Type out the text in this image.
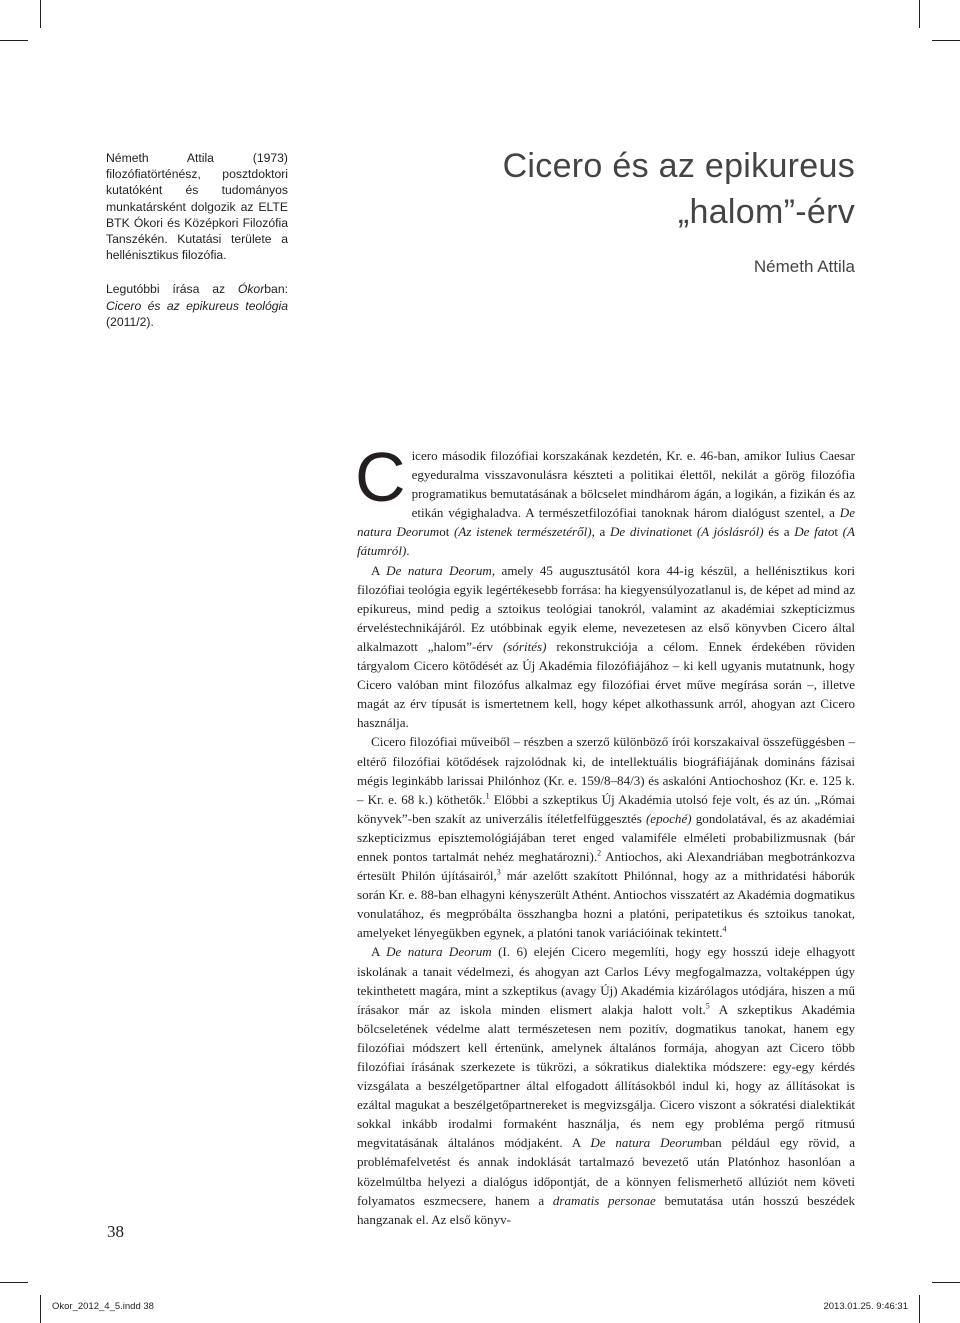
Németh Attila (1973) filozófiatörténész, posztdoktori kutatóként és tudományos munkatársként dolgozik az ELTE BTK Ókori és Középkori Filozófia Tanszékén. Kutatási területe a hellénisztikus filozófia.

Legutóbbi írása az Ókorban: Cicero és az epikureus teológia (2011/2).

Cicero és az epikureus
„halom”-érv
Németh Attila

Cicero második filozófiai korszakának kezdetén, Kr. e. 46-ban, amikor Iulius Caesar egyeduralma visszavonulásra készteti a politikai élettől, nekilát a görög filozófia programatikus bemutatásának a bölcselet mindhárom ágán, a logikán, a fizikán és az etikán végighaladva. A természetfilozófiai tanoknak három dialógust szentel, a De natura Deorumot (Az istenek természetéről), a De divinationet (A jóslásról) és a De fatot (A fátumról).

A De natura Deorum, amely 45 augusztusától kora 44-ig készül, a hellénisztikus kori filozófiai teológia egyik legértékesebb forrása: ha kiegyensúlyozatlanul is, de képet ad mind az epikureus, mind pedig a sztoikus teológiai tanokról, valamint az akadémiai szkepticizmus érveléstechnikájáról. Ez utóbbinak egyik eleme, nevezetesen az első könyvben Cicero által alkalmazott „halom”-érv (sórités) rekonstrukciója a célom. Ennek érdekében röviden tárgyalom Cicero kötődését az Új Akadémia filozófiájához – ki kell ugyanis mutatnunk, hogy Cicero valóban mint filozófus alkalmaz egy filozófiai érvet műve megírása során –, illetve magát az érv típusát is ismertetnem kell, hogy képet alkothassunk arról, ahogyan azt Cicero használja.

Cicero filozófiai műveiből – részben a szerző különböző írói korszakaival összefüggésben – eltérő filozófiai kötődések rajzolódnak ki, de intellektuális biográfiájának domináns fázisai mégis leginkább larissai Philónhoz (Kr. e. 159/8–84/3) és askalóni Antiochoshoz (Kr. e. 125 k. – Kr. e. 68 k.) köthetők.$^1$ Előbbi a szkeptikus Új Akadémia utolsó feje volt, és az ún. „Római könyvek”-ben szakít az univerzális ítéletfelfüggesztés (epoché) gondolatával, és az akadémiai szkepticizmus episztemológiájában teret enged valamiféle elméleti probabilizmusnak (bár ennek pontos tartalmát nehéz meghatározni).$^2$ Antiochos, aki Alexandriában megbotránkozva értesült Philón újításairól,$^3$ már azelőtt szakított Philónnal, hogy az a mithridatési háborúk során Kr. e. 88-ban elhagyni kényszerült Athént. Antiochos visszatért az Akadémia dogmatikus vonulatához, és megpróbálta összhangba hozni a platóni, peripatetikus és sztoikus tanokat, amelyeket lényegükben egynek, a platóni tanok variációinak tekintett.$^4$

A De natura Deorum (I. 6) elején Cicero megemlíti, hogy egy hosszú ideje elhagyott iskolának a tanait védelmezi, és ahogyan azt Carlos Lévy megfogalmazza, voltaképpen úgy tekinthetett magára, mint a szkeptikus (avagy Új) Akadémia kizárólagos utódjára, hiszen a mű írásakor már az iskola minden elismert alakja halott volt.$^5$ A szkeptikus Akadémia bölcseletének védelme alatt természetesen nem pozitív, dogmatikus tanokat, hanem egy filozófiai módszert kell értenünk, amelynek általános formája, ahogyan azt Cicero több filozófiai írásának szerkezete is tükrözi, a sókratikus dialektika módszere: egy-egy kérdés vizsgálata a beszélgetőpartner által elfogadott állításokból indul ki, hogy az állításokat is ezáltal magukat a beszélgetőpartnereket is megvizsgálja. Cicero viszont a sókratési dialektikát sokkal inkább irodalmi formaként használja, és nem egy probléma pergő ritmusú megvitatásának általános módjaként. A De natura Deorumban például egy rövid, a problémafelvetést és annak indoklását tartalmazó bevezető után Platónhoz hasonlóan a közelmúltba helyezi a dialógus időpontját, de a könnyen felismerhető allúziót nem követi folyamatos eszmecsere, hanem a dramatis personae bemutatása után hosszú beszédek hangzanak el. Az első könyv-

38
Okor_2012_4_5.indd 38	2013.01.25. 9:46:31
